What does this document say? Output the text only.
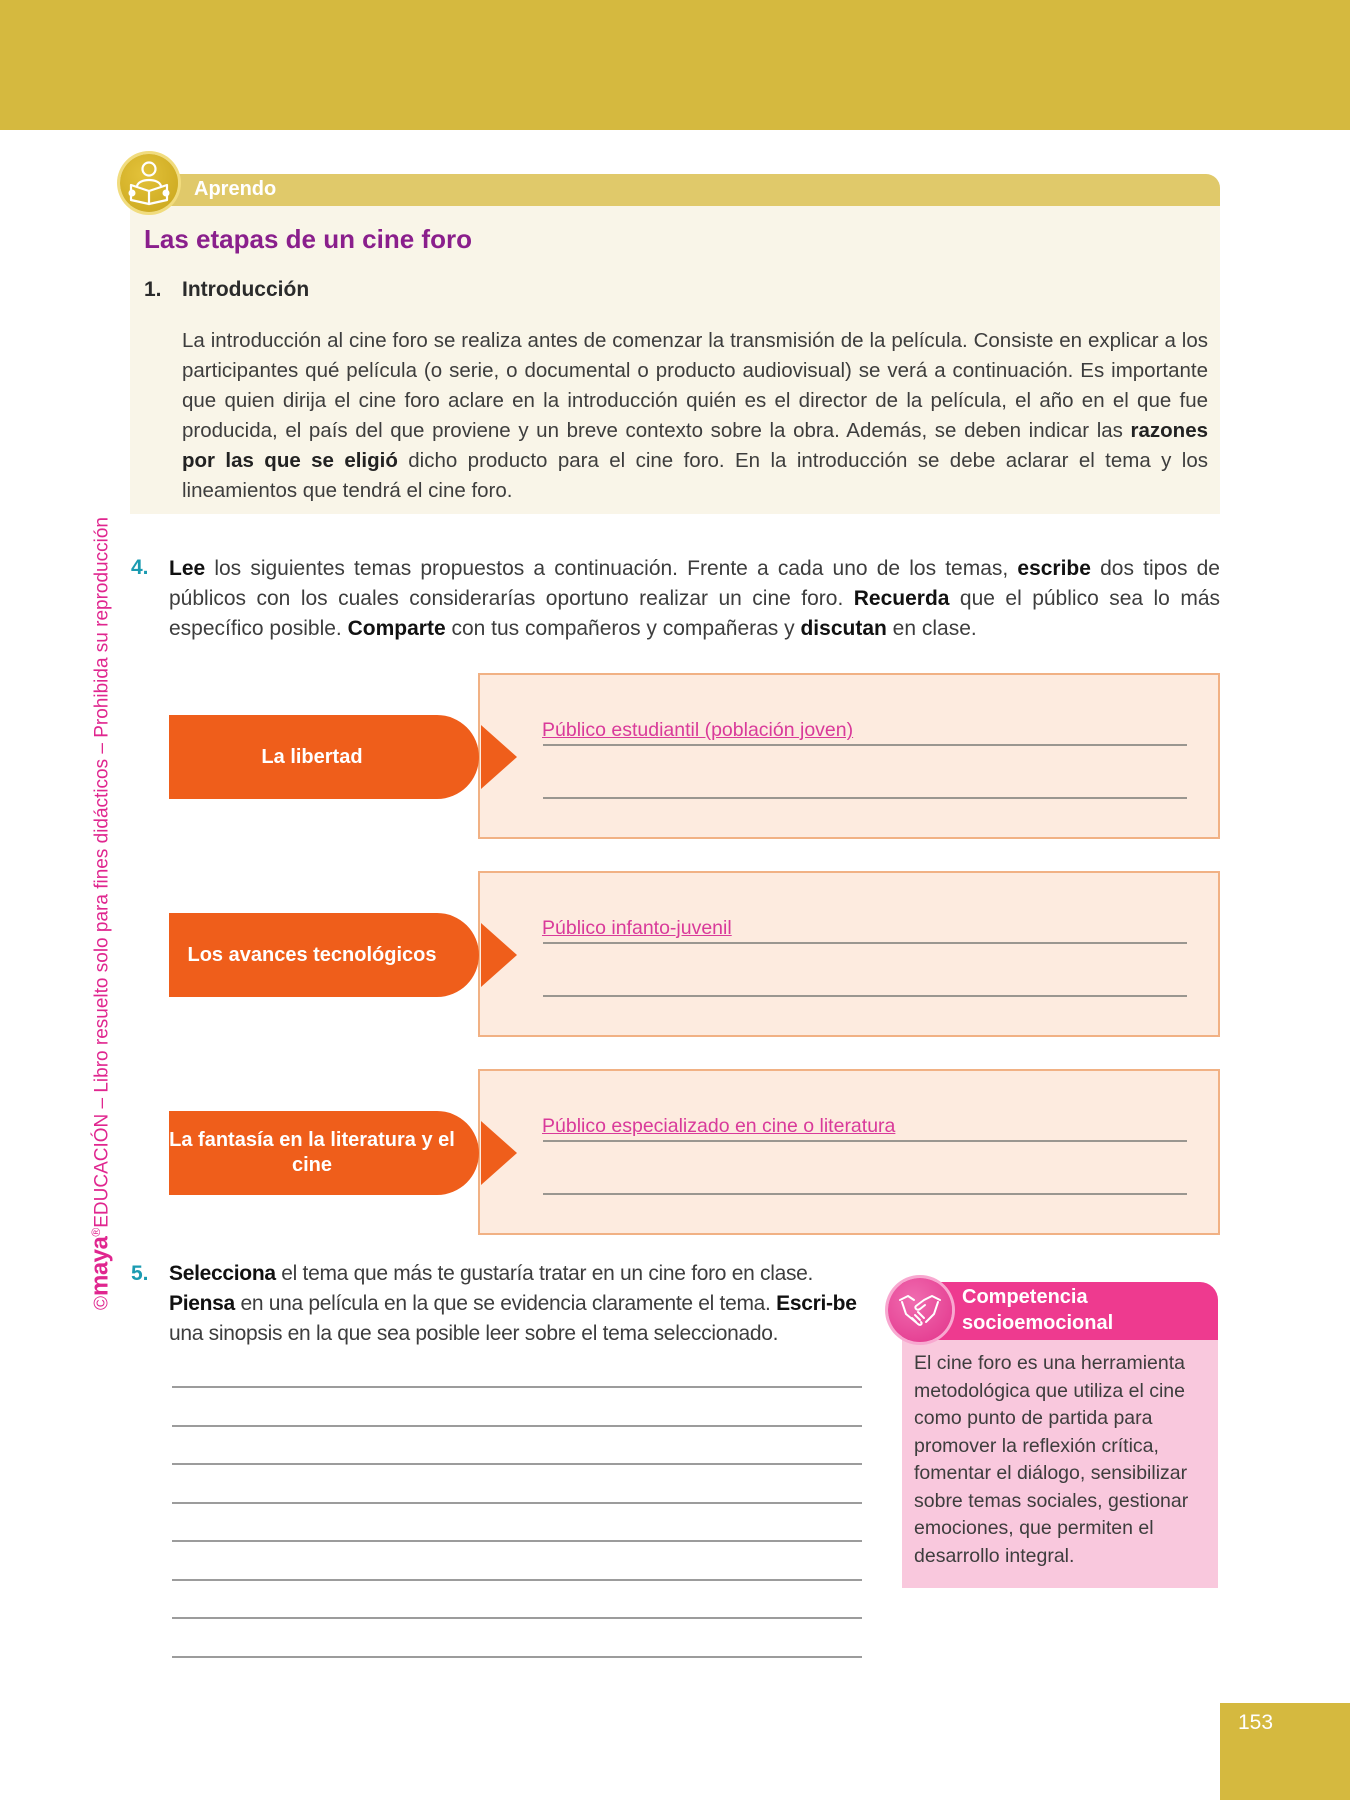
©maya®EDUCACIÓN – Libro resuelto solo para fines didácticos – Prohibida su reproducción
Aprendo
Las etapas de un cine foro
1. Introducción

La introducción al cine foro se realiza antes de comenzar la transmisión de la película. Consiste en explicar a los participantes qué película (o serie, o documental o producto audiovisual) se verá a continuación. Es importante que quien dirija el cine foro aclare en la introducción quién es el director de la película, el año en el que fue producida, el país del que proviene y un breve contexto sobre la obra. Además, se deben indicar las razones por las que se eligió dicho producto para el cine foro. En la introducción se debe aclarar el tema y los lineamientos que tendrá el cine foro.

4. Lee los siguientes temas propuestos a continuación. Frente a cada uno de los temas, escribe dos tipos de públicos con los cuales considerarías oportuno realizar un cine foro. Recuerda que el público sea lo más específico posible. Comparte con tus compañeros y compañeras y discutan en clase.

La libertad
Público estudiantil (población joven)
Los avances tecnológicos
Público infanto-juvenil
La fantasía en la literatura y el cine
Público especializado en cine o literatura
5. Selecciona el tema que más te gustaría tratar en un cine foro en clase. Piensa en una película en la que se evidencia claramente el tema. Escri-be una sinopsis en la que sea posible leer sobre el tema seleccionado.

Competencia
socioemocional

El cine foro es una herramienta metodológica que utiliza el cine como punto de partida para promover la reflexión crítica, fomentar el diálogo, sensibilizar sobre temas sociales, gestionar emociones, que permiten el desarrollo integral.

153
